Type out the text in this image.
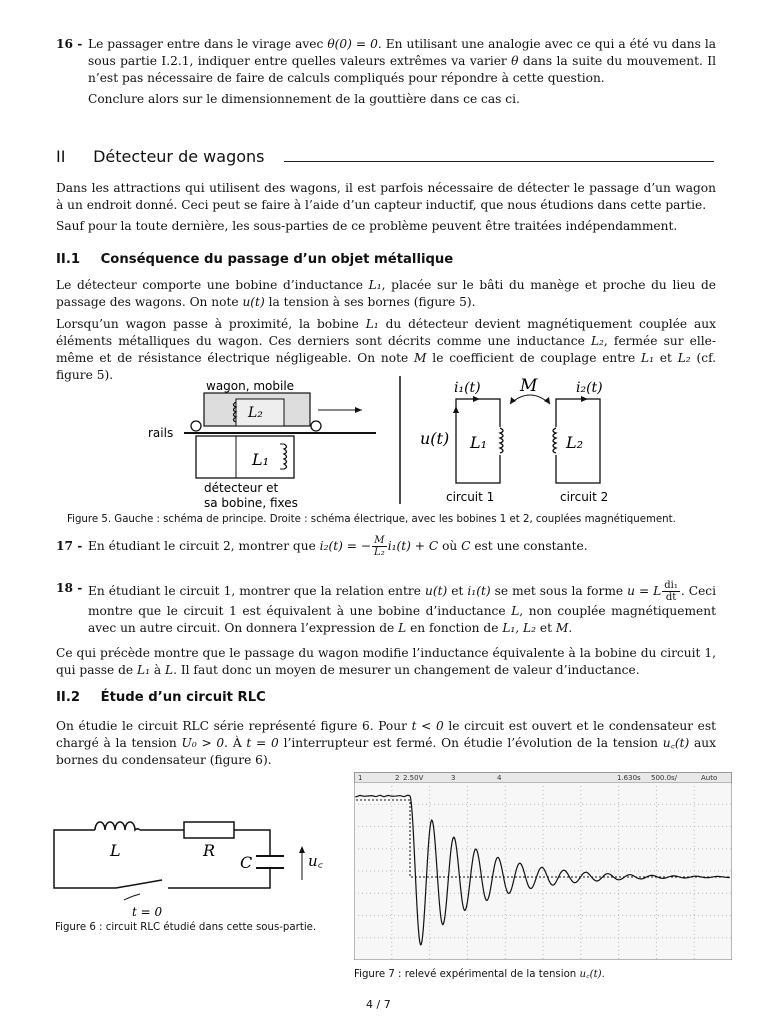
16 - Le passager entre dans le virage avec θ(0) = 0. En utilisant une analogie avec ce qui a été vu dans la sous partie I.2.1, indiquer entre quelles valeurs extrêmes va varier θ dans la suite du mouvement. Il n’est pas nécessaire de faire de calculs compliqués pour répondre à cette question.
Conclure alors sur le dimensionnement de la gouttière dans ce cas ci.
II Détecteur de wagons
Dans les attractions qui utilisent des wagons, il est parfois nécessaire de détecter le passage d’un wagon à un endroit donné. Ceci peut se faire à l’aide d’un capteur inductif, que nous étudions dans cette partie.
Sauf pour la toute dernière, les sous-parties de ce problème peuvent être traitées indépendamment.
II.1 Conséquence du passage d’un objet métallique
Le détecteur comporte une bobine d’inductance L₁, placée sur le bâti du manège et proche du lieu de passage des wagons. On note u(t) la tension à ses bornes (figure 5).
Lorsqu’un wagon passe à proximité, la bobine L₁ du détecteur devient magnétiquement couplée aux éléments métalliques du wagon. Ces derniers sont décrits comme une inductance L₂, fermée sur elle-même et de résistance électrique négligeable. On note M le coefficient de couplage entre L₁ et L₂ (cf. figure 5).
wagon, mobile
L₂
rails
L₁
détecteur et
sa bobine, fixes
i₁(t) M	i₂(t)
u(t) L₁	L₂
circuit 1	circuit 2
Figure 5. Gauche : schéma de principe. Droite : schéma électrique, avec les bobines 1 et 2, couplées magnétiquement.
17 - En étudiant le circuit 2, montrer que i₂(t) = − $\frac{M}{\text{L₂}} i_1(t) + C$ où C est une constante.
18 - En étudiant le circuit 1, montrer que la relation entre u(t) et i₁(t) se met sous la forme u = L $\frac{\text{di₁}}{dt}$ . Ceci montre que le circuit 1 est équivalent à une bobine d’inductance L, non couplée magnétiquement avec un autre circuit. On donnera l’expression de L en fonction de L₁, L₂ et M.
Ce qui précède montre que le passage du wagon modifie l’inductance équivalente à la bobine du circuit 1, qui passe de L₁ à L. Il faut donc un moyen de mesurer un changement de valeur d’inductance.
II.2 Étude d’un circuit RLC
On étudie le circuit RLC série représenté figure 6. Pour t < 0 le circuit est ouvert et le condensateur est chargé à la tension U₀ > 0. À t = 0 l’interrupteur est fermé. On étudie l’évolution de la tension u꜀(t) aux bornes du condensateur (figure 6).
L	R
C	u꜀
t = 0
Figure 6 : circuit RLC étudié dans cette sous-partie.
1	2 2.50V	3	4	1.630s 500.0s/	Auto
Figure 7 : relevé expérimental de la tension u꜀(t).
4 / 7
